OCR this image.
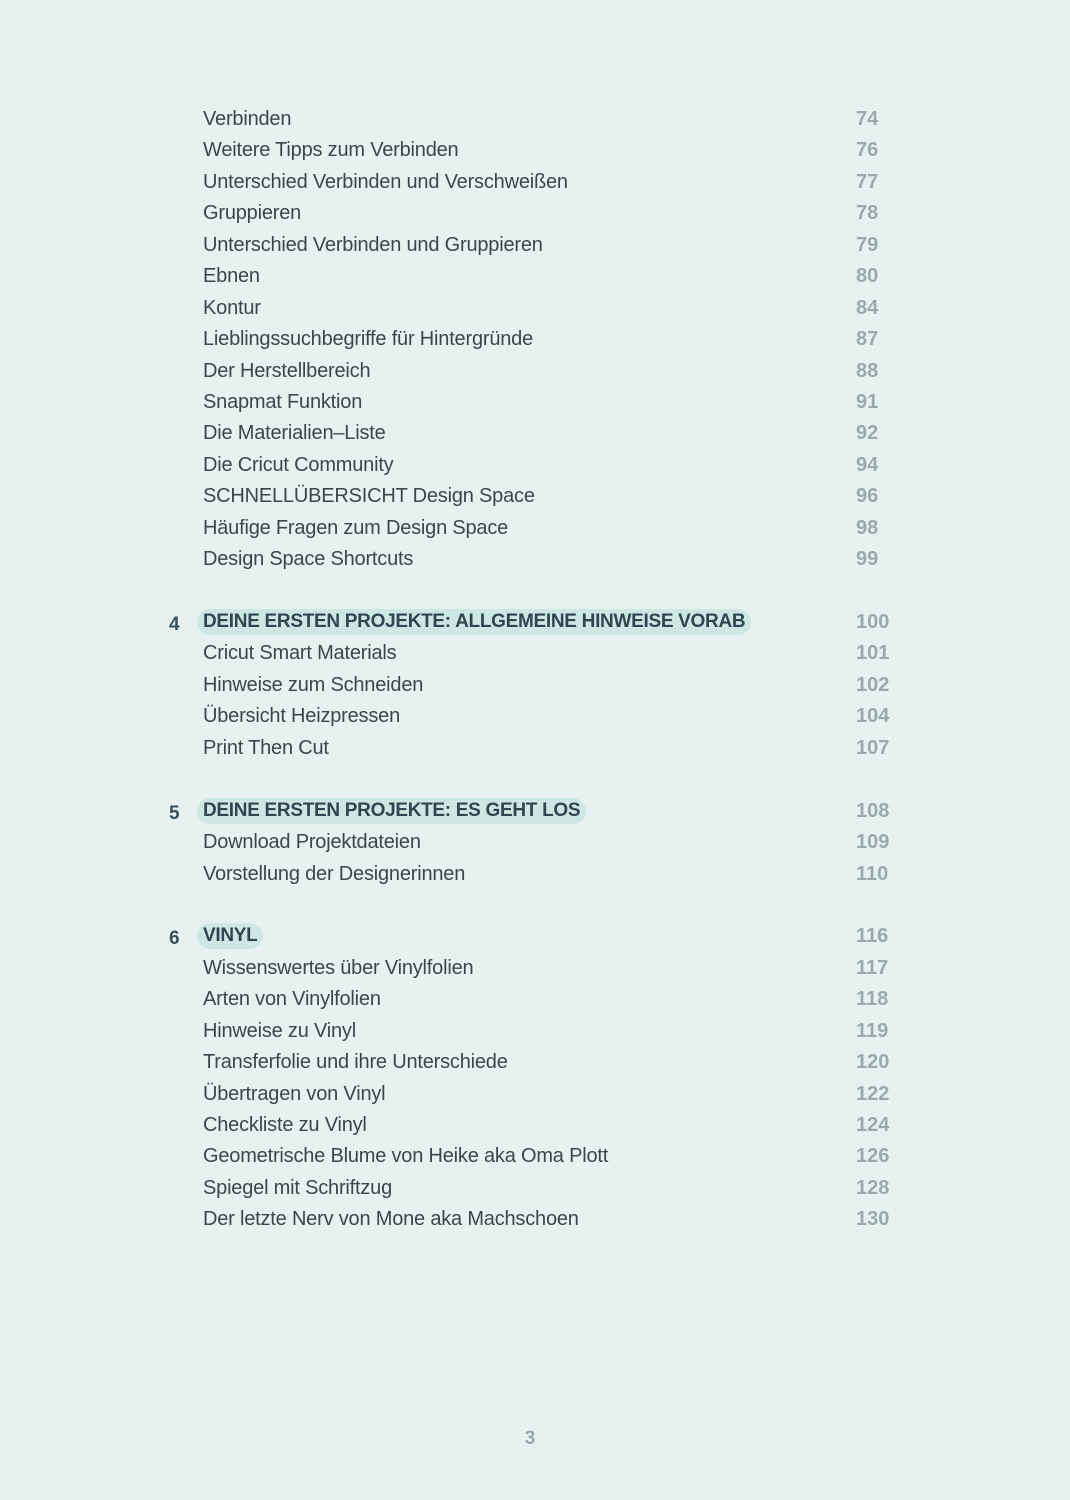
Verbinden	74
Weitere Tipps zum Verbinden	76
Unterschied Verbinden und Verschweißen	77
Gruppieren	78
Unterschied Verbinden und Gruppieren	79
Ebnen	80
Kontur	84
Lieblingssuchbegriffe für Hintergründe	87
Der Herstellbereich	88
Snapmat Funktion	91
Die Materialien–Liste	92
Die Cricut Community	94
SCHNELLÜBERSICHT Design Space	96
Häufige Fragen zum Design Space	98
Design Space Shortcuts	99
4	DEINE ERSTEN PROJEKTE: ALLGEMEINE HINWEISE VORAB	100
Cricut Smart Materials	101
Hinweise zum Schneiden	102
Übersicht Heizpressen	104
Print Then Cut	107
5	DEINE ERSTEN PROJEKTE: ES GEHT LOS	108
Download Projektdateien	109
Vorstellung der Designerinnen	110
6	VINYL	116
Wissenswertes über Vinylfolien	117
Arten von Vinylfolien	118
Hinweise zu Vinyl	119
Transferfolie und ihre Unterschiede	120
Übertragen von Vinyl	122
Checkliste zu Vinyl	124
Geometrische Blume von Heike aka Oma Plott	126
Spiegel mit Schriftzug	128
Der letzte Nerv von Mone aka Machschoen	130
3
